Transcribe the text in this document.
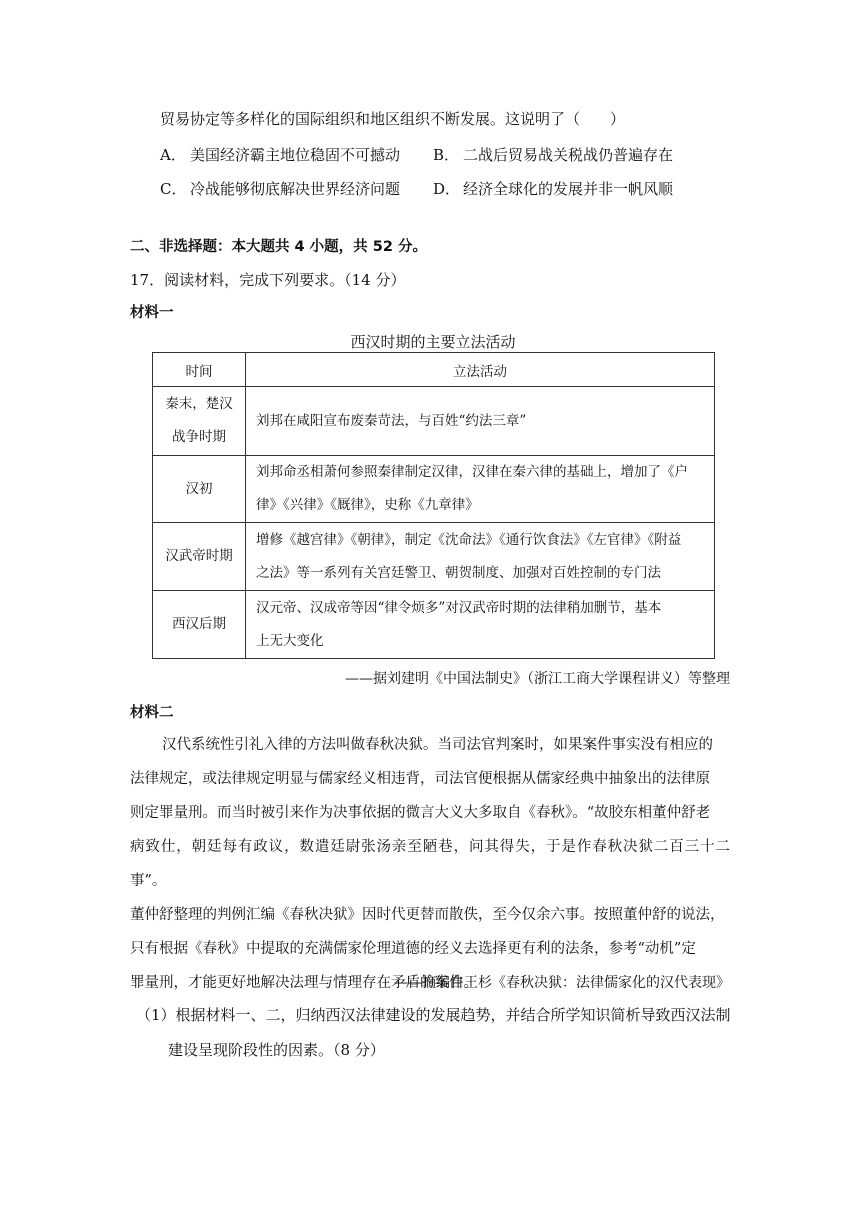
贸易协定等多样化的国际组织和地区组织不断发展。这说明了（　　）
A． 美国经济霸主地位稳固不可撼动 B． 二战后贸易战关税战仍普遍存在
C． 冷战能够彻底解决世界经济问题 D． 经济全球化的发展并非一帆风顺
二、非选择题：本大题共 4 小题，共 52 分。
17．阅读材料，完成下列要求。（14 分）
材料一
西汉时期的主要立法活动
时间	立法活动

秦末，楚汉
战争时期	刘邦在咸阳宣布废秦苛法，与百姓“约法三章”

汉初	刘邦命丞相萧何参照秦律制定汉律，汉律在秦六律的基础上，增加了《户
律》《兴律》《厩律》，史称《九章律》

汉武帝时期	增修《越宫律》《朝律》，制定《沈命法》《通行饮食法》《左官律》《附益
之法》等一系列有关宫廷警卫、朝贺制度、加强对百姓控制的专门法

西汉后期	汉元帝、汉成帝等因“律令烦多”对汉武帝时期的法律稍加删节，基本
上无大变化
——据刘建明《中国法制史》（浙江工商大学课程讲义）等整理
材料二
汉代系统性引礼入律的方法叫做春秋决狱。当司法官判案时，如果案件事实没有相应的
法律规定，或法律规定明显与儒家经义相违背，司法官便根据从儒家经典中抽象出的法律原
则定罪量刑。而当时被引来作为决事依据的微言大义大多取自《春秋》。“故胶东相董仲舒老
病致仕，朝廷每有政议，数遣廷尉张汤亲至陋巷，问其得失，于是作春秋决狱二百三十二事”。
董仲舒整理的判例汇编《春秋决狱》因时代更替而散佚，至今仅余六事。按照董仲舒的说法，
只有根据《春秋》中提取的充满儒家伦理道德的经义去选择更有利的法条，参考“动机”定
罪量刑，才能更好地解决法理与情理存在矛盾的案件。
——摘编自王杉《春秋决狱：法律儒家化的汉代表现》
（1）根据材料一、二，归纳西汉法律建设的发展趋势，并结合所学知识简析导致西汉法制
建设呈现阶段性的因素。（8 分）
